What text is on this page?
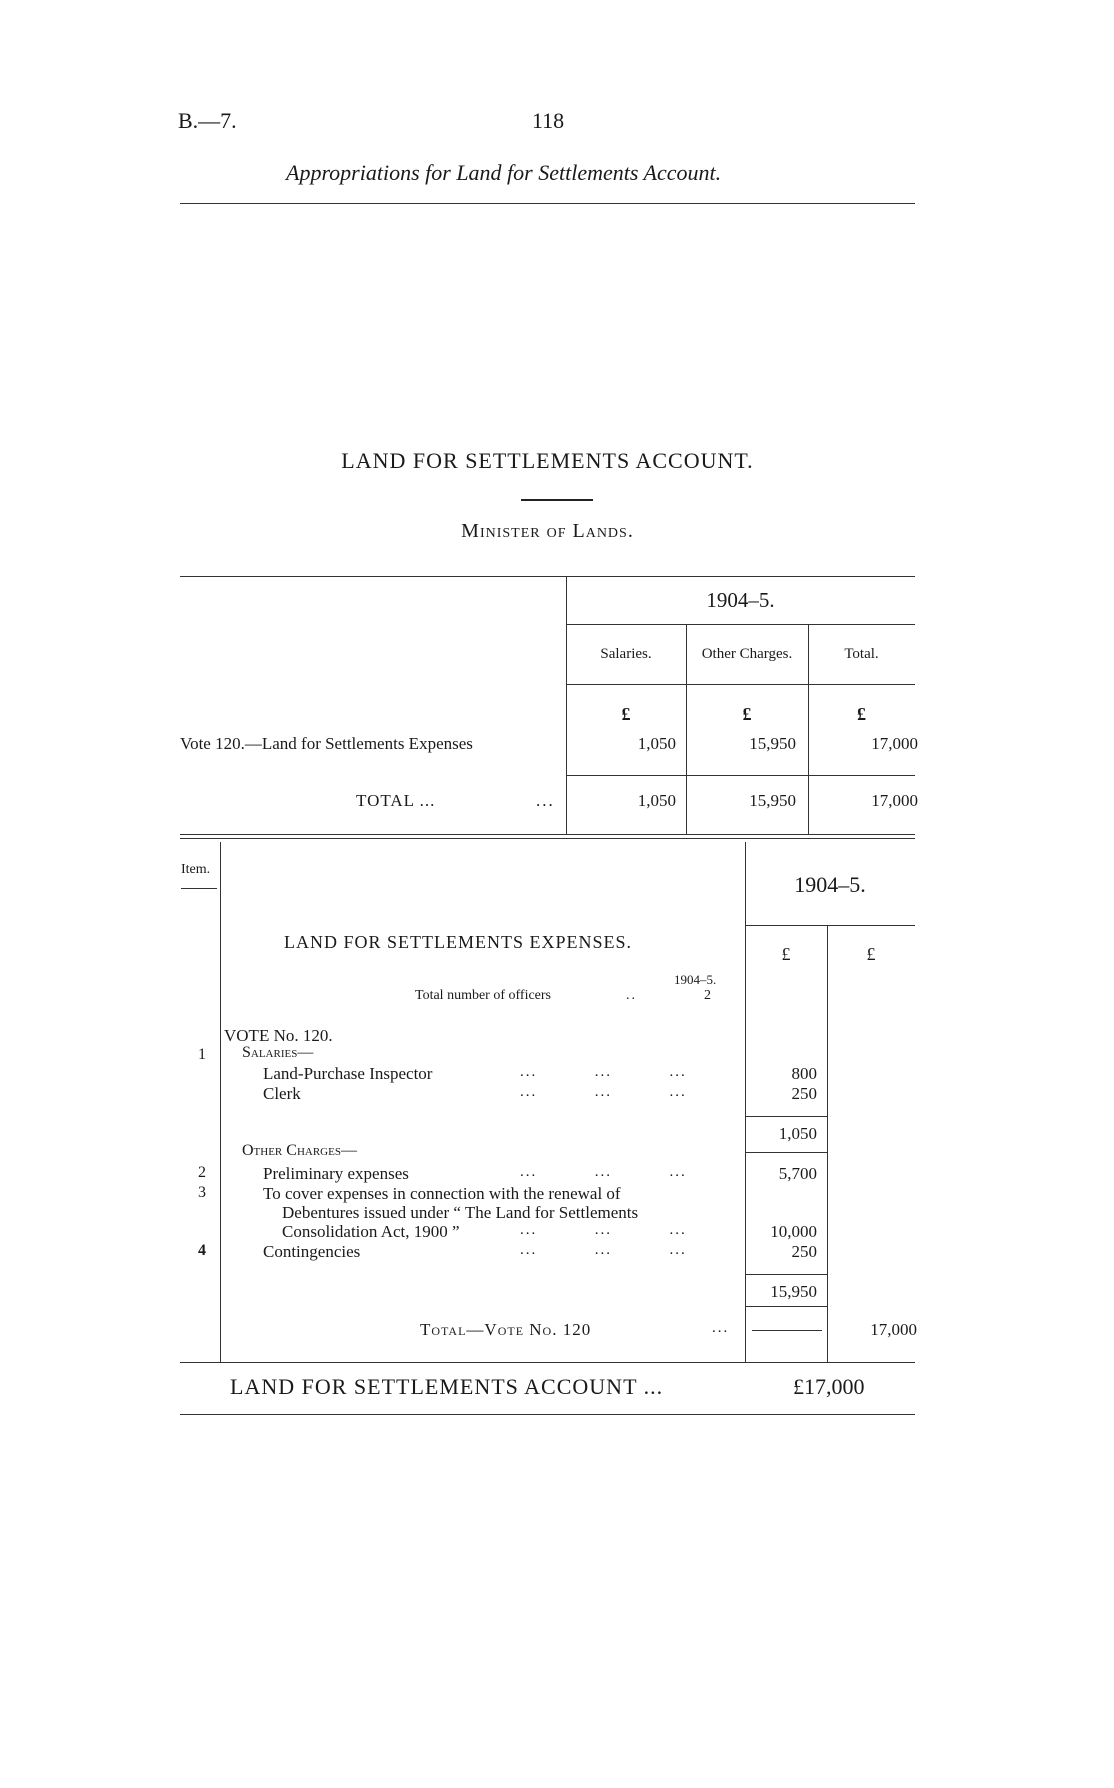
B.—7.	118
Appropriations for Land for Settlements Account.
LAND FOR SETTLEMENTS ACCOUNT.
Minister of Lands.
1904–5.
Salaries.	Other Charges.	Total.
£	£	£
Vote 120.—Land for Settlements Expenses	1,050	15,950	17,000
TOTAL ...	...	1,050	15,950	17,000
Item.
1904–5.
£	£
LAND FOR SETTLEMENTS EXPENSES.
1904–5.
Total number of officers	..	2
VOTE No. 120.
1 Salaries—
Land-Purchase Inspector	...          ...          ...	800
Clerk	...          ...          ...	250
1,050
Other Charges—
2	Preliminary expenses	...          ...          ...	5,700
3	To cover expenses in connection with the renewal of
Debentures issued under “ The Land for Settlements
Consolidation Act, 1900 ”	...          ...          ...	10,000
4	Contingencies	...          ...          ...	250
15,950
Total—Vote No. 120	...	17,000
LAND FOR SETTLEMENTS ACCOUNT ...	£17,000
